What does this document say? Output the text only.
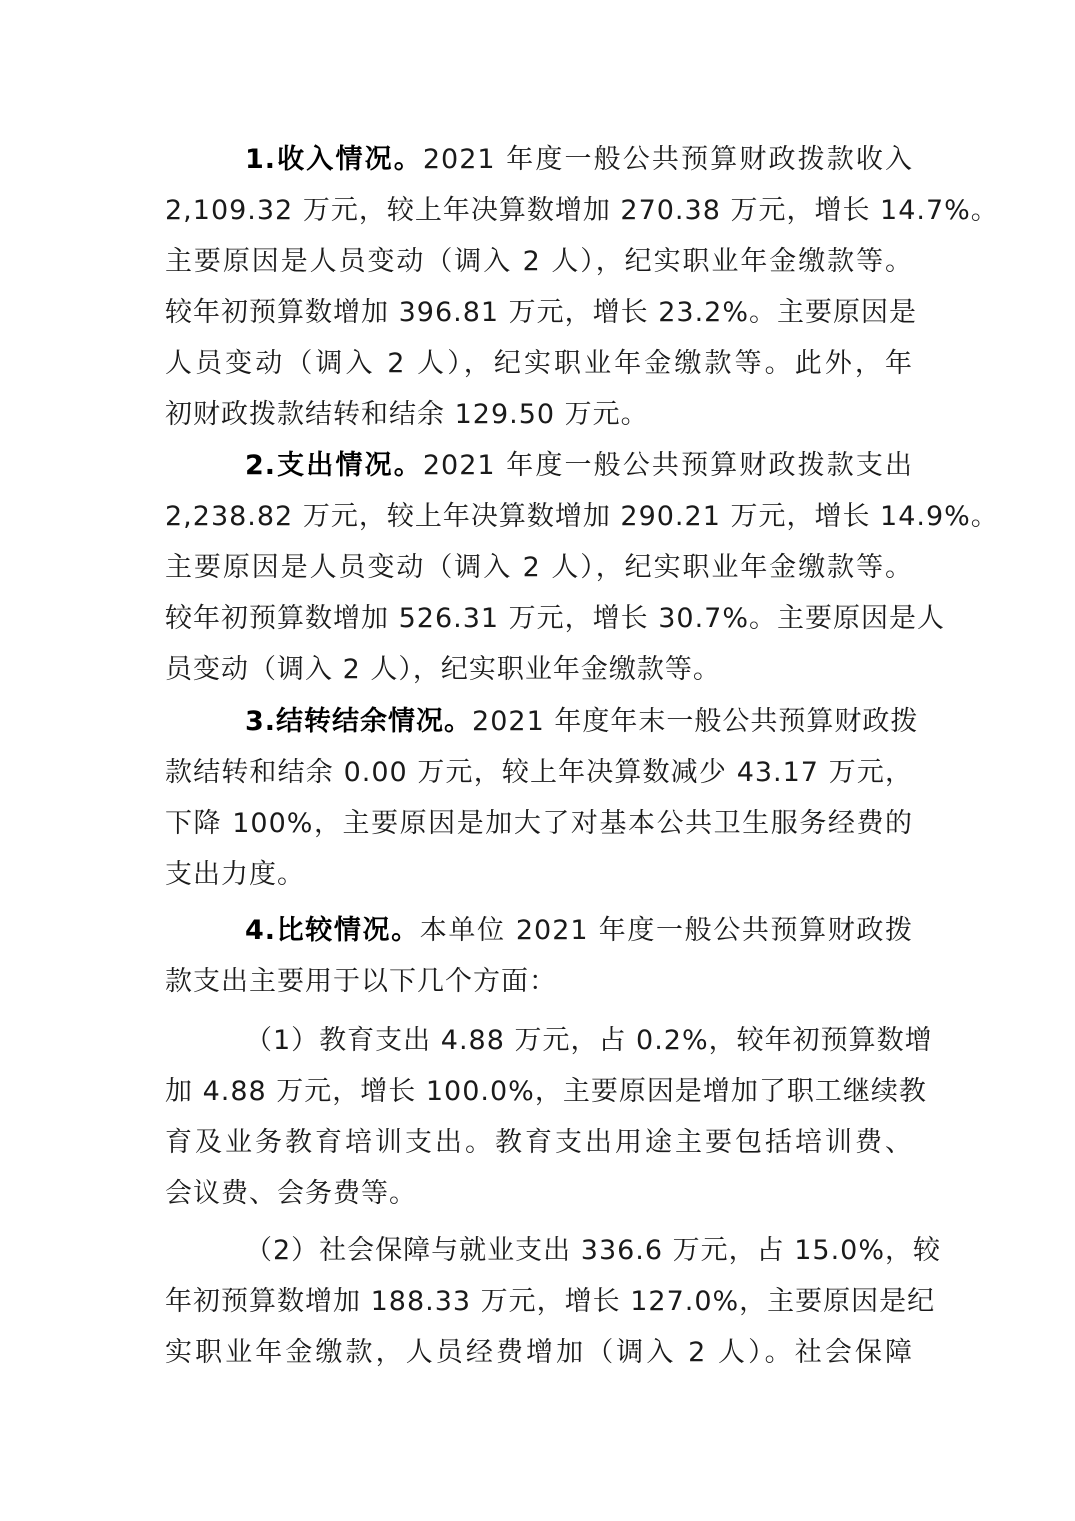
1.收入情况。2021 年度一般公共预算财政拨款收入
2,109.32 万元，较上年决算数增加 270.38 万元，增长 14.7%。
主要原因是人员变动（调入 2 人），纪实职业年金缴款等。
较年初预算数增加 396.81 万元，增长 23.2%。主要原因是
人员变动（调入 2 人），纪实职业年金缴款等。此外，年
初财政拨款结转和结余 129.50 万元。
2.支出情况。2021 年度一般公共预算财政拨款支出
2,238.82 万元，较上年决算数增加 290.21 万元，增长 14.9%。
主要原因是人员变动（调入 2 人），纪实职业年金缴款等。
较年初预算数增加 526.31 万元，增长 30.7%。主要原因是人
员变动（调入 2 人），纪实职业年金缴款等。
3.结转结余情况。2021 年度年末一般公共预算财政拨
款结转和结余 0.00 万元，较上年决算数减少 43.17 万元，
下降 100%，主要原因是加大了对基本公共卫生服务经费的
支出力度。
4.比较情况。本单位 2021 年度一般公共预算财政拨
款支出主要用于以下几个方面：
（1）教育支出 4.88 万元，占 0.2%，较年初预算数增
加 4.88 万元，增长 100.0%，主要原因是增加了职工继续教
育及业务教育培训支出。教育支出用途主要包括培训费、
会议费、会务费等。
（2）社会保障与就业支出 336.6 万元，占 15.0%，较
年初预算数增加 188.33 万元，增长 127.0%，主要原因是纪
实职业年金缴款，人员经费增加（调入 2 人）。社会保障
